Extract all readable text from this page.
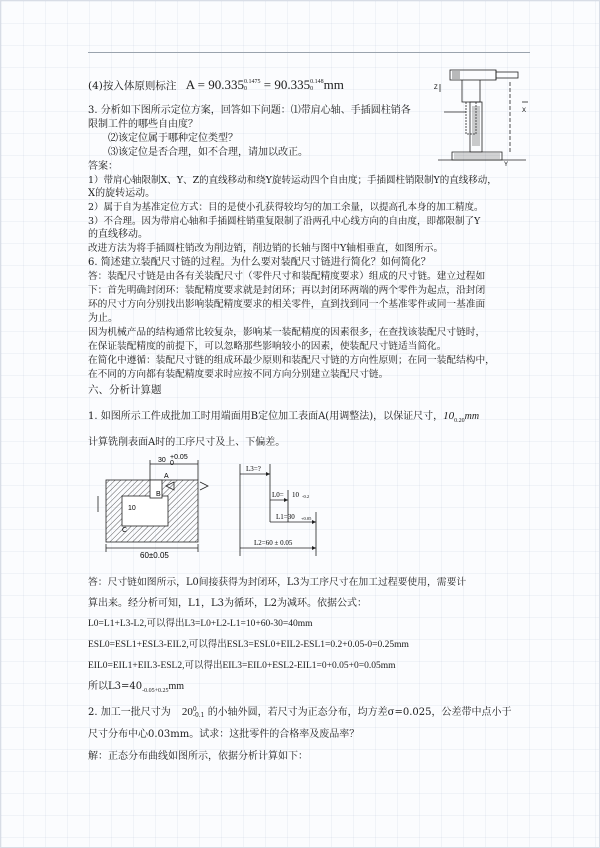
(4)按入体原则标注 A = 90.335 0.1475
0	= 90.335 0.148
0 mm	Z
X
Y
3. 分析如下图所示定位方案，回答如下问题：⑴带肩心轴、手插圆柱销各
限制工件的哪些自由度？
⑵该定位属于哪种定位类型？
⑶该定位是否合理，如不合理，请加以改正。
答案：
1）带肩心轴限制X、Y、Z的直线移动和绕Y旋转运动四个自由度；手插圆柱销限制Y的直线移动，
X的旋转运动。
2）属于自为基准定位方式：目的是使小孔获得较均匀的加工余量，以提高孔本身的加工精度。
3）不合理。因为带肩心轴和手插圆柱销重复限制了沿两孔中心线方向的自由度，即都限制了Y
的直线移动。
改进方法为将手插圆柱销改为削边销，削边销的长轴与图中Y轴相垂直，如图所示。
6. 简述建立装配尺寸链的过程。为什么要对装配尺寸链进行简化？如何简化？
答：装配尺寸链是由各有关装配尺寸（零件尺寸和装配精度要求）组成的尺寸链。建立过程如
下：首先明确封闭环：装配精度要求就是封闭环；再以封闭环两端的两个零件为起点，沿封闭
环的尺寸方向分别找出影响装配精度要求的相关零件，直到找到同一个基准零件或同一基准面
为止。
因为机械产品的结构通常比较复杂，影响某一装配精度的因素很多，在查找该装配尺寸链时，
在保证装配精度的前提下，可以忽略那些影响较小的因素，使装配尺寸链适当简化。
在简化中遵循：装配尺寸链的组成环最少原则和装配尺寸链的方向性原则；在同一装配结构中，
在不同的方向都有装配精度要求时应按不同方向分别建立装配尺寸链。
六、分析计算题
1. 如图所示工件成批加工时用端面用B定位加工表面A(用调整法)，以保证尺寸，$10_{0.20}mm$
计算铣削表面A时的工序尺寸及上、下偏差。
30 +0.05
0
A
B
C
10
60±0.05
L3=?
L0= 10 -0.2
L1=30 +0.05
L2=60 ± 0.05
答：尺寸链如图所示，L0间接获得为封闭环，L3为工序尺寸在加工过程要使用，需要计
算出来。经分析可知，L1，L3为循环，L2为减环。依据公式：
L0=L1+L3-L2,可以得出L3=L0+L2-L1=10+60-30=40mm
ESL0=ESL1+ESL3-EIL2,可以得出ESL3=ESL0+EIL2-ESL1=0.2+0.05-0=0.25mm
EIL0=EIL1+EIL3-ESL2,可以得出EIL3=EIL0+ESL2-EIL1=0+0.05+0=0.05mm
所以$L3=40_{-0.05+0.25}mm$
2. 加工一批尺寸为 20 0
-0.1 的小轴外圆，若尺寸为正态分布，均方差σ=0.025，公差带中点小于
尺寸分布中心0.03mm。试求：这批零件的合格率及废品率？
解：正态分布曲线如图所示，依据分析计算如下：
